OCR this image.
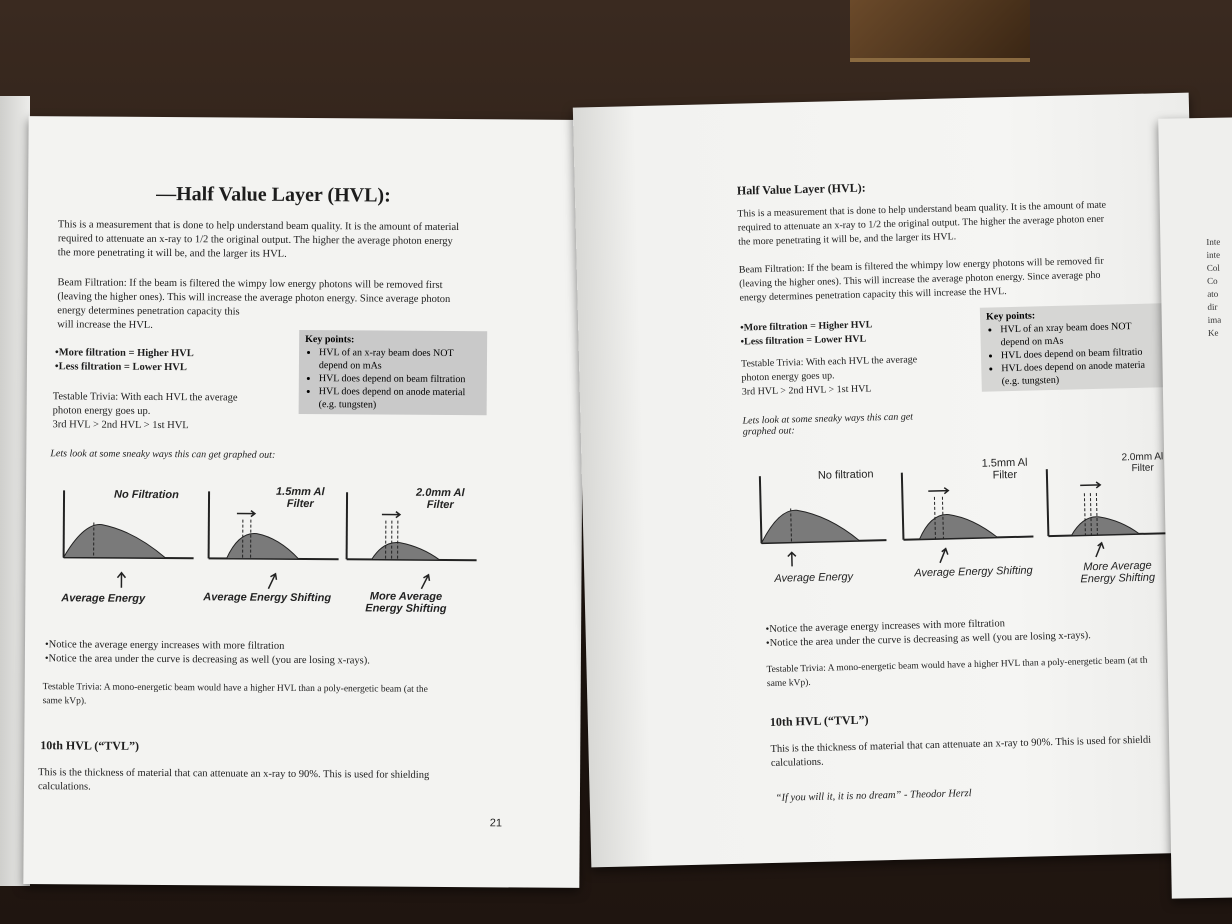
—Half Value Layer (HVL):
This is a measurement that is done to help understand beam quality. It is the amount of material
required to attenuate an x-ray to 1/2 the original output. The higher the average photon energy
the more penetrating it will be, and the larger its HVL.
Beam Filtration: If the beam is filtered the wimpy low energy photons will be removed first
(leaving the higher ones). This will increase the average photon energy. Since average photon
energy determines penetration capacity this
will increase the HVL.
•More filtration = Higher HVL
•Less filtration = Lower HVL
Testable Trivia: With each HVL the average
photon energy goes up.
3rd HVL > 2nd HVL > 1st HVL
Key points:
• HVL of an x-ray beam does NOT depend on mAs
• HVL does depend on beam filtration
• HVL does depend on anode material (e.g. tungsten)
Lets look at some sneaky ways this can get graphed out:
No Filtration	1.5mm Al
Filter
2.0mm Al
Filter
Average Energy	Average Energy Shifting	More Average
Energy Shifting
•Notice the average energy increases with more filtration
•Notice the area under the curve is decreasing as well (you are losing x-rays).
Testable Trivia: A mono-energetic beam would have a higher HVL than a poly-energetic beam (at the
same kVp).
10th HVL (“TVL”)
This is the thickness of material that can attenuate an x-ray to 90%. This is used for shielding
calculations.
21
Half Value Layer (HVL):
This is a measurement that is done to help understand beam quality. It is the amount of mate
required to attenuate an x-ray to 1/2 the original output. The higher the average photon ener
the more penetrating it will be, and the larger its HVL.
Beam Filtration: If the beam is filtered the whimpy low energy photons will be removed fir
(leaving the higher ones). This will increase the average photon energy. Since average pho
energy determines penetration capacity this will increase the HVL.
•More filtration = Higher HVL
•Less filtration = Lower HVL
Testable Trivia: With each HVL the average
photon energy goes up.
3rd HVL > 2nd HVL > 1st HVL
Key points:
• HVL of an xray beam does NOT depend on mAs
• HVL does depend on beam filtratio
• HVL does depend on anode materia (e.g. tungsten)
Lets look at some sneaky ways this can get
graphed out:
No filtration
1.5mm Al
Filter
2.0mm Al
Filter
Average Energy	Average Energy Shifting	More Average
Energy Shifting
•Notice the average energy increases with more filtration
•Notice the area under the curve is decreasing as well (you are losing x-rays).
Testable Trivia: A mono-energetic beam would have a higher HVL than a poly-energetic beam (at th
same kVp).
10th HVL (“TVL”)
This is the thickness of material that can attenuate an x-ray to 90%. This is used for shieldi
calculations.
“If you will it, it is no dream” - Theodor Herzl
Inte
inte
Col
Co
ato
dir
ima
Ke
